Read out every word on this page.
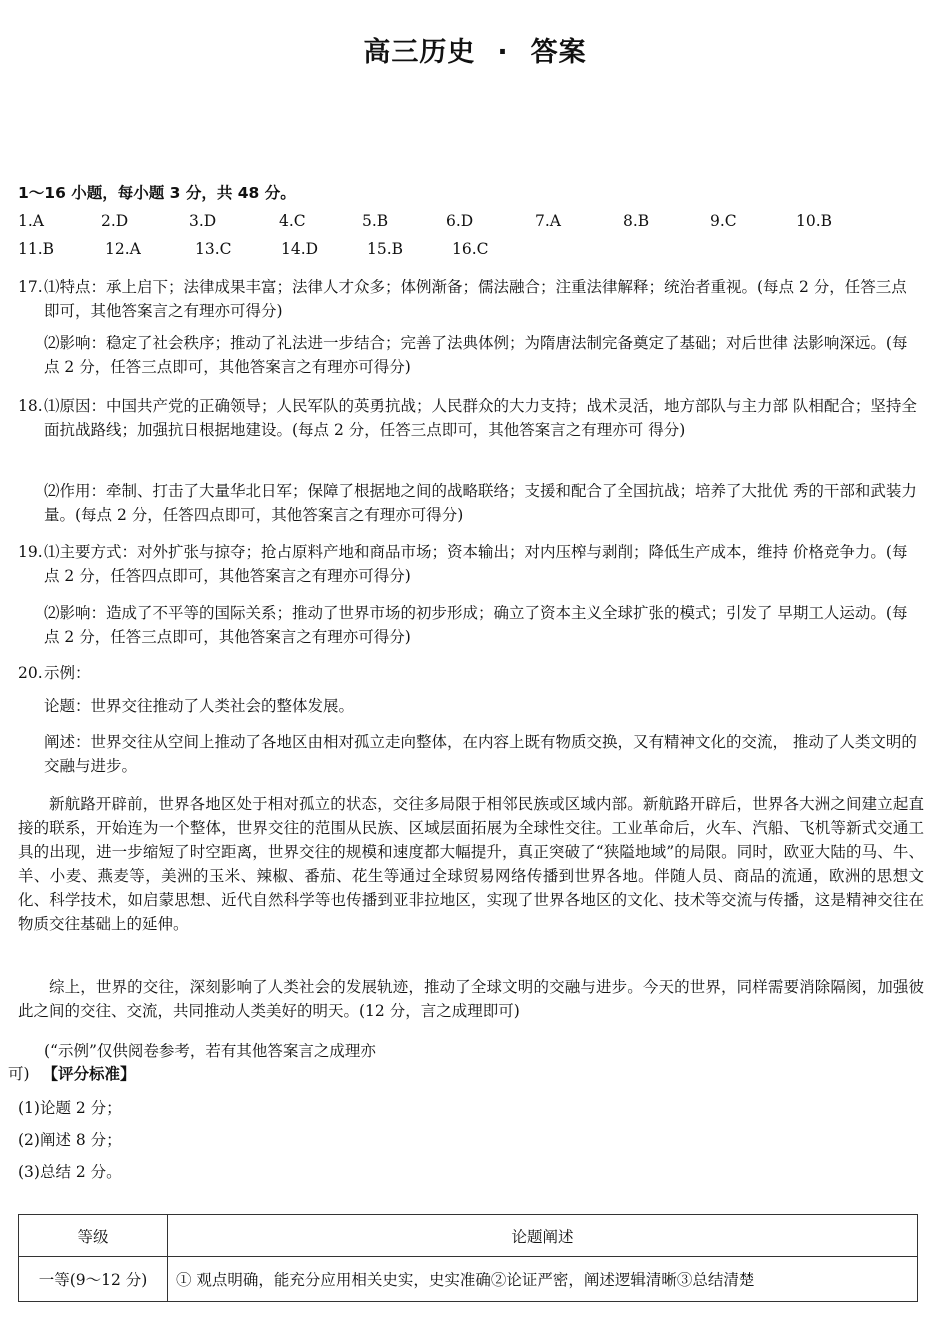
高三历史 · 答案
1～16 小题，每小题 3 分，共 48 分。
1.A	2.D	3.D	4.C	5.B	6.D	7.A	8.B	9.C	10.B
11.B	12.A	13.C	14.D	15.B	16.C
17. ⑴特点：承上启下；法律成果丰富；法律人才众多；体例渐备；儒法融合；注重法律解释；统治者重视。(每点 2 分，任答三点即可，其他答案言之有理亦可得分)
⑵影响：稳定了社会秩序；推动了礼法进一步结合；完善了法典体例；为隋唐法制完备奠定了基础；对后世律 法影响深远。(每点 2 分，任答三点即可，其他答案言之有理亦可得分)
18. ⑴原因：中国共产党的正确领导；人民军队的英勇抗战；人民群众的大力支持；战术灵活，地方部队与主力部 队相配合；坚持全面抗战路线；加强抗日根据地建设。(每点 2 分，任答三点即可，其他答案言之有理亦可 得分)
⑵作用：牵制、打击了大量华北日军；保障了根据地之间的战略联络；支援和配合了全国抗战；培养了大批优 秀的干部和武装力量。(每点 2 分，任答四点即可，其他答案言之有理亦可得分)
19. ⑴主要方式：对外扩张与掠夺；抢占原料产地和商品市场；资本输出；对内压榨与剥削；降低生产成本，维持 价格竞争力。(每点 2 分，任答四点即可，其他答案言之有理亦可得分)
⑵影响：造成了不平等的国际关系；推动了世界市场的初步形成；确立了资本主义全球扩张的模式；引发了 早期工人运动。(每点 2 分，任答三点即可，其他答案言之有理亦可得分)
20. 示例：
论题：世界交往推动了人类社会的整体发展。
阐述：世界交往从空间上推动了各地区由相对孤立走向整体，在内容上既有物质交换，又有精神文化的交流， 推动了人类文明的交融与进步。
新航路开辟前，世界各地区处于相对孤立的状态，交往多局限于相邻民族或区域内部。新航路开辟后，世界各大洲之间建立起直接的联系，开始连为一个整体，世界交往的范围从民族、区域层面拓展为全球性交往。工业革命后，火车、汽船、飞机等新式交通工具的出现，进一步缩短了时空距离，世界交往的规模和速度都大幅提升，真正突破了“狭隘地域”的局限。同时，欧亚大陆的马、牛、羊、小麦、燕麦等，美洲的玉米、辣椒、番茄、花生等通过全球贸易网络传播到世界各地。伴随人员、商品的流通，欧洲的思想文化、科学技术，如启蒙思想、近代自然科学等也传播到亚非拉地区，实现了世界各地区的文化、技术等交流与传播，这是精神交往在物质交往基础上的延伸。
综上，世界的交往，深刻影响了人类社会的发展轨迹，推动了全球文明的交融与进步。今天的世界，同样需要消除隔阂，加强彼此之间的交往、交流，共同推动人类美好的明天。(12 分，言之成理即可)
(“示例”仅供阅卷参考，若有其他答案言之成理亦
可) 【评分标准】
(1)论题 2 分；
(2)阐述 8 分；
(3)总结 2 分。
等级	论题阐述
一等(9～12 分)	① 观点明确，能充分应用相关史实，史实准确②论证严密，阐述逻辑清晰③总结清楚
